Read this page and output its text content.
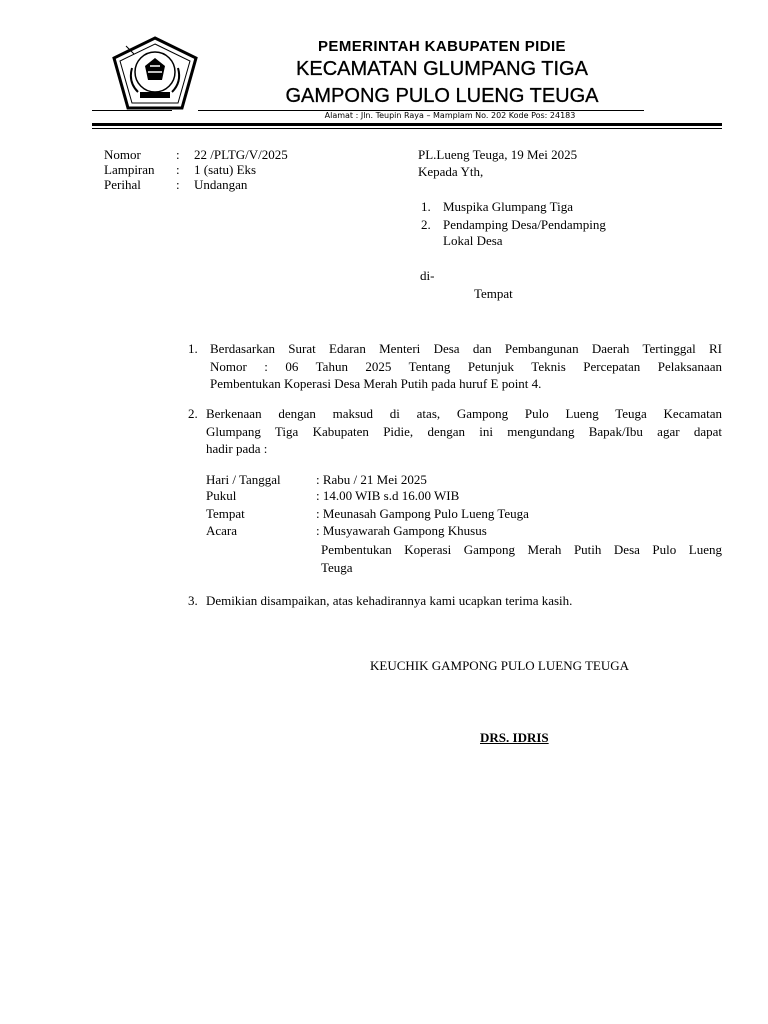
PEMERINTAH KABUPATEN PIDIE
KECAMATAN GLUMPANG TIGA
GAMPONG PULO LUENG TEUGA
Alamat : Jln. Teupin Raya – Mamplam No. 202 Kode Pos: 24183
Nomor	: 22 /PLTG/V/2025
Lampiran : 1 (satu) Eks
Perihal	: Undangan
PL.Lueng Teuga, 19 Mei 2025
Kepada Yth,
1. Muspika Glumpang Tiga
2. Pendamping Desa/Pendamping
Lokal Desa
di-
Tempat
1. Berdasarkan Surat Edaran Menteri Desa dan Pembangunan Daerah Tertinggal RI
Nomor : 06 Tahun 2025 Tentang Petunjuk Teknis Percepatan Pelaksanaan
Pembentukan Koperasi Desa Merah Putih pada huruf E point 4.
2. Berkenaan dengan maksud di atas, Gampong Pulo Lueng Teuga Kecamatan
Glumpang Tiga Kabupaten Pidie, dengan ini mengundang Bapak/Ibu agar dapat
hadir pada :
Hari / Tanggal	: Rabu / 21 Mei 2025
Pukul	: 14.00 WIB s.d 16.00 WIB
Tempat	: Meunasah Gampong Pulo Lueng Teuga
Acara	: Musyawarah Gampong Khusus
Pembentukan Koperasi Gampong Merah Putih Desa Pulo Lueng
Teuga
3. Demikian disampaikan, atas kehadirannya kami ucapkan terima kasih.
KEUCHIK GAMPONG PULO LUENG TEUGA
DRS. IDRIS
